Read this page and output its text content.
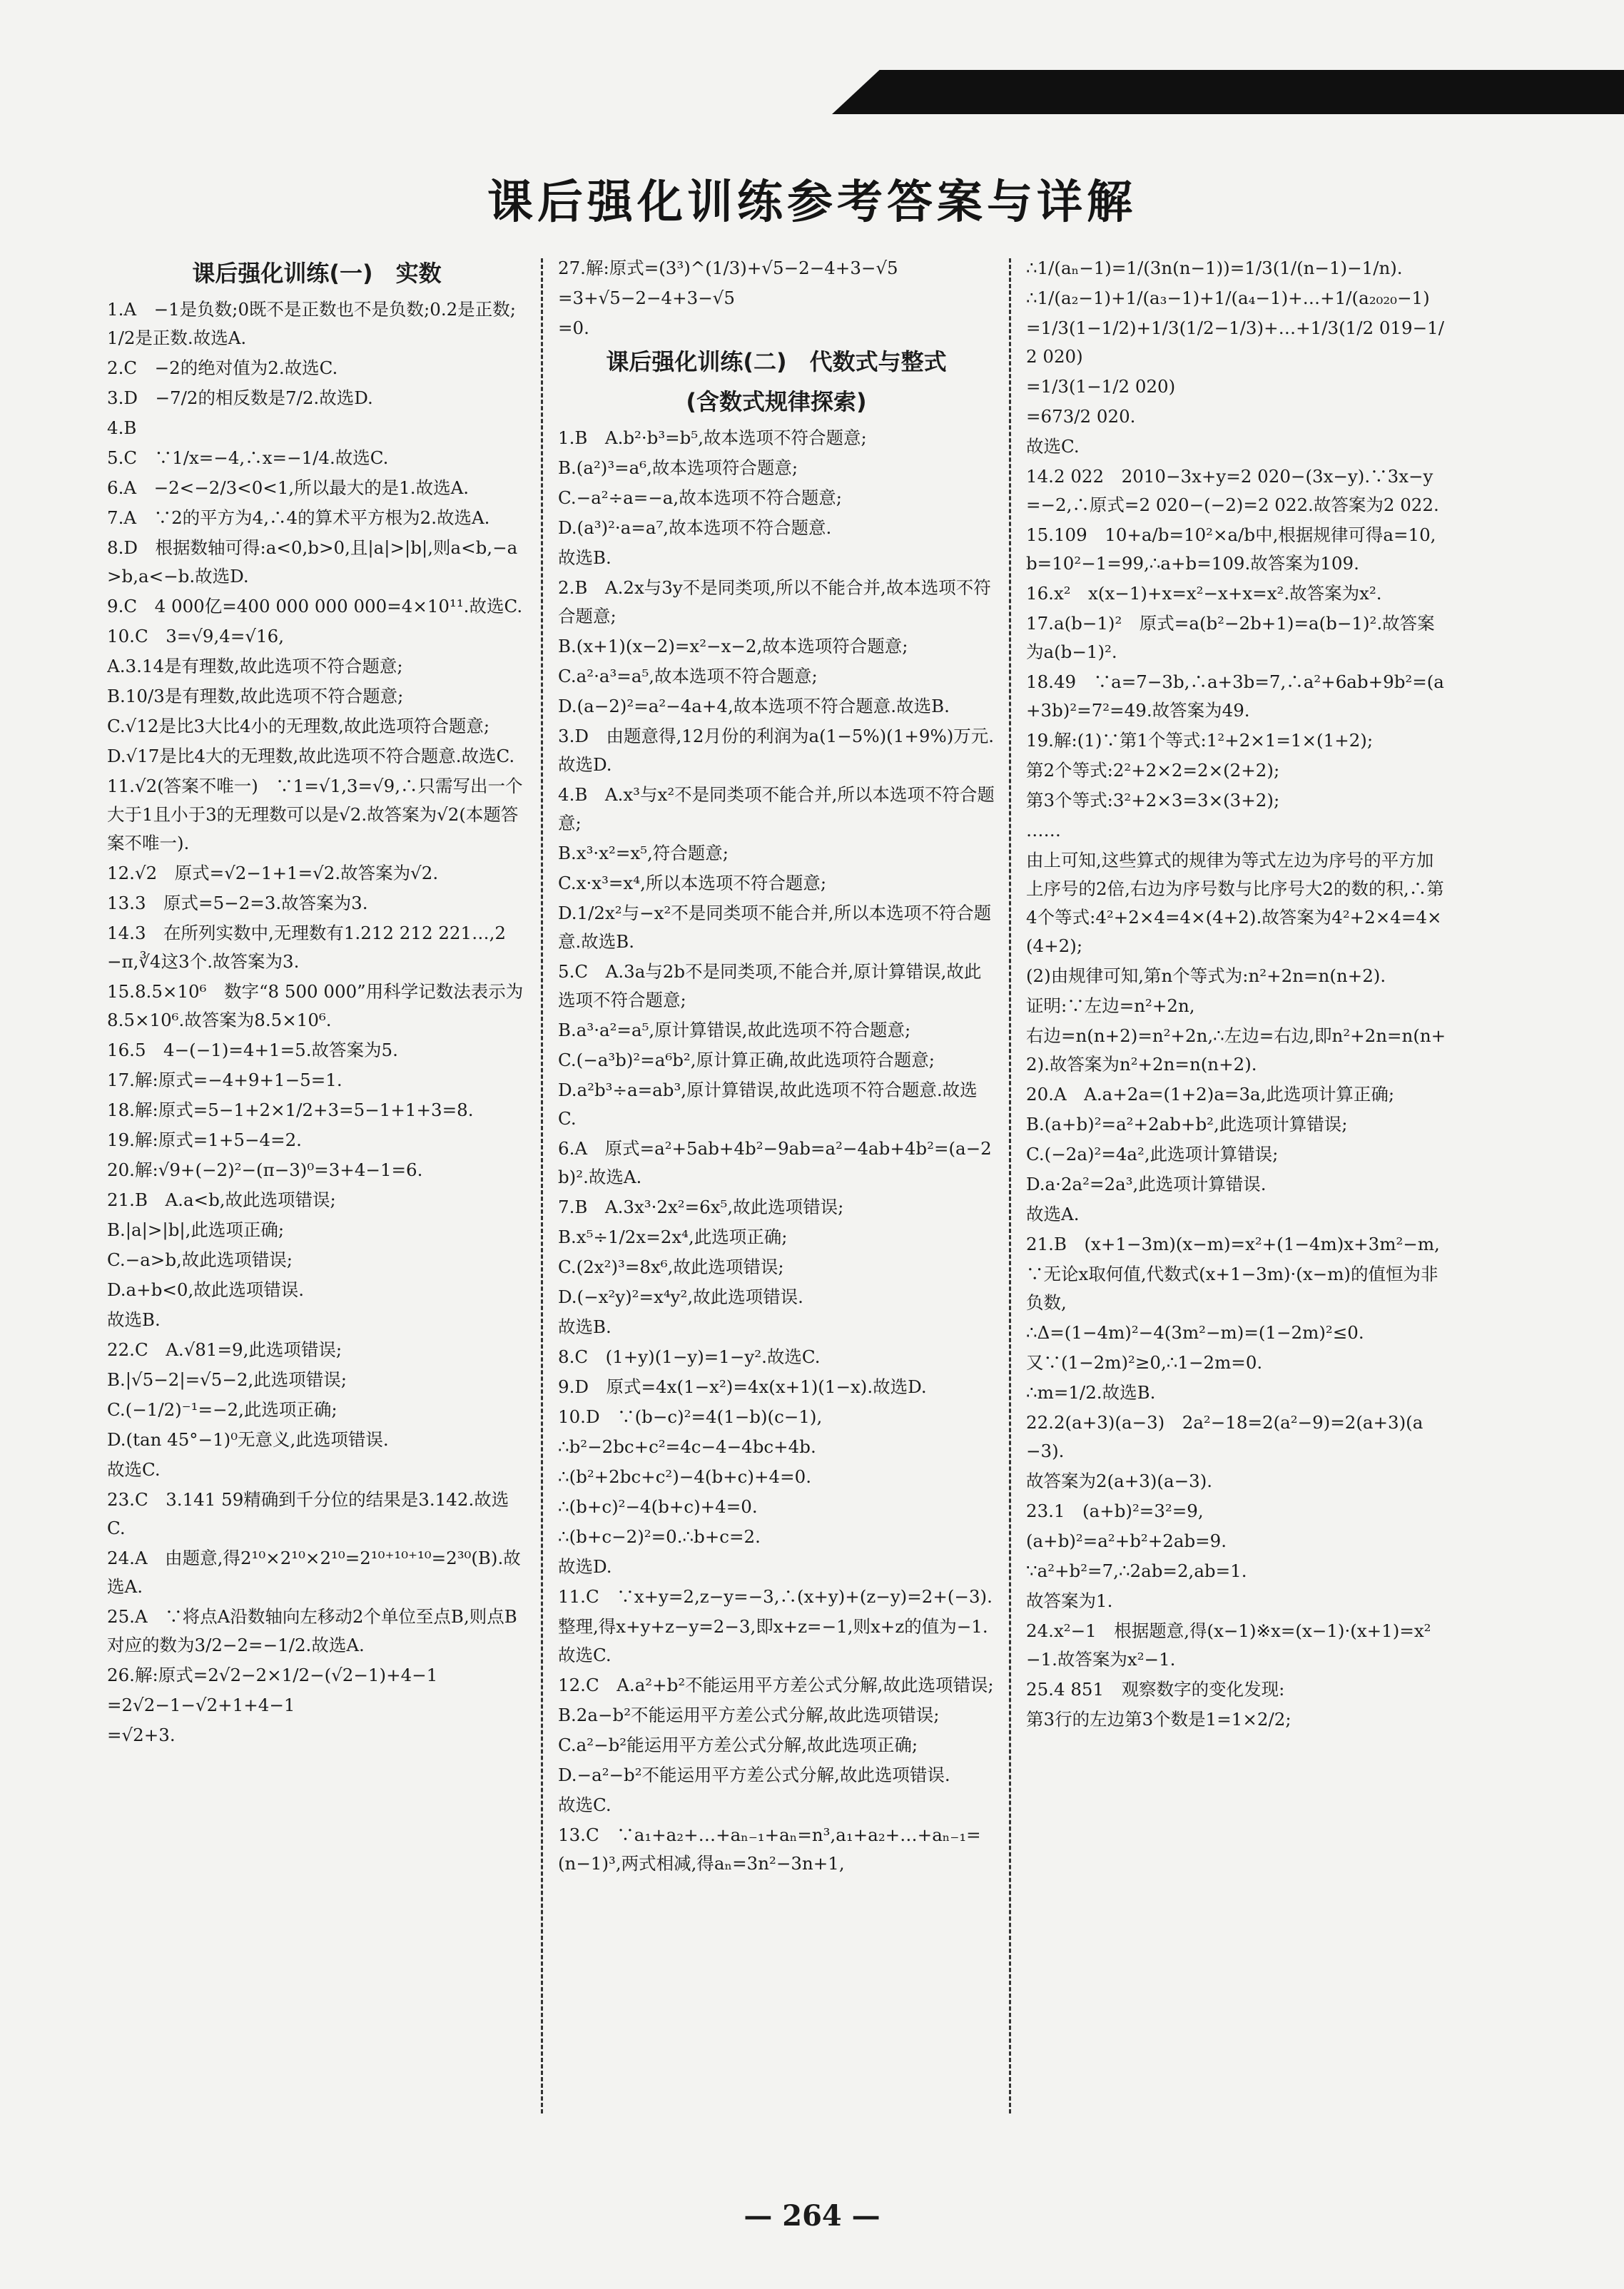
课后强化训练参考答案与详解
课后强化训练(一)　实数
1.A　−1是负数;0既不是正数也不是负数;0.2是正数;1/2是正数.故选A.
2.C　−2的绝对值为2.故选C.
3.D　−7/2的相反数是7/2.故选D.
4.B
5.C　∵1/x=−4,∴x=−1/4.故选C.
6.A　−2<−2/3<0<1,所以最大的是1.故选A.
7.A　∵2的平方为4,∴4的算术平方根为2.故选A.
8.D　根据数轴可得:a<0,b>0,且|a|>|b|,则a<b,−a>b,a<−b.故选D.
9.C　4 000亿=400 000 000 000=4×10¹¹.故选C.
10.C　3=√9,4=√16,
A.3.14是有理数,故此选项不符合题意;
B.10/3是有理数,故此选项不符合题意;
C.√12是比3大比4小的无理数,故此选项符合题意;
D.√17是比4大的无理数,故此选项不符合题意.故选C.
11.√2(答案不唯一)　∵1=√1,3=√9,∴只需写出一个大于1且小于3的无理数可以是√2.故答案为√2(本题答案不唯一).
12.√2　原式=√2−1+1=√2.故答案为√2.
13.3　原式=5−2=3.故答案为3.
14.3　在所列实数中,无理数有1.212 212 221…,2−π,∛4这3个.故答案为3.
15.8.5×10⁶　数字“8 500 000”用科学记数法表示为8.5×10⁶.故答案为8.5×10⁶.
16.5　4−(−1)=4+1=5.故答案为5.
17.解:原式=−4+9+1−5=1.
18.解:原式=5−1+2×1/2+3=5−1+1+3=8.
19.解:原式=1+5−4=2.
20.解:√9+(−2)²−(π−3)⁰=3+4−1=6.
21.B　A.a<b,故此选项错误;
B.|a|>|b|,此选项正确;
C.−a>b,故此选项错误;
D.a+b<0,故此选项错误.
故选B.
22.C　A.√81=9,此选项错误;
B.|√5−2|=√5−2,此选项错误;
C.(−1/2)⁻¹=−2,此选项正确;
D.(tan 45°−1)⁰无意义,此选项错误.
故选C.
23.C　3.141 59精确到千分位的结果是3.142.故选C.
24.A　由题意,得2¹⁰×2¹⁰×2¹⁰=2¹⁰⁺¹⁰⁺¹⁰=2³⁰(B).故选A.
25.A　∵将点A沿数轴向左移动2个单位至点B,则点B对应的数为3/2−2=−1/2.故选A.
26.解:原式=2√2−2×1/2−(√2−1)+4−1
=2√2−1−√2+1+4−1
=√2+3.
27.解:原式=(3³)^(1/3)+√5−2−4+3−√5
=3+√5−2−4+3−√5
=0.
课后强化训练(二)　代数式与整式
(含数式规律探索)
1.B　A.b²·b³=b⁵,故本选项不符合题意;
B.(a²)³=a⁶,故本选项符合题意;
C.−a²÷a=−a,故本选项不符合题意;
D.(a³)²·a=a⁷,故本选项不符合题意.
故选B.
2.B　A.2x与3y不是同类项,所以不能合并,故本选项不符合题意;
B.(x+1)(x−2)=x²−x−2,故本选项符合题意;
C.a²·a³=a⁵,故本选项不符合题意;
D.(a−2)²=a²−4a+4,故本选项不符合题意.故选B.
3.D　由题意得,12月份的利润为a(1−5%)(1+9%)万元.故选D.
4.B　A.x³与x²不是同类项不能合并,所以本选项不符合题意;
B.x³·x²=x⁵,符合题意;
C.x·x³=x⁴,所以本选项不符合题意;
D.1/2x²与−x²不是同类项不能合并,所以本选项不符合题意.故选B.
5.C　A.3a与2b不是同类项,不能合并,原计算错误,故此选项不符合题意;
B.a³·a²=a⁵,原计算错误,故此选项不符合题意;
C.(−a³b)²=a⁶b²,原计算正确,故此选项符合题意;
D.a²b³÷a=ab³,原计算错误,故此选项不符合题意.故选C.
6.A　原式=a²+5ab+4b²−9ab=a²−4ab+4b²=(a−2b)².故选A.
7.B　A.3x³·2x²=6x⁵,故此选项错误;
B.x⁵÷1/2x=2x⁴,此选项正确;
C.(2x²)³=8x⁶,故此选项错误;
D.(−x²y)²=x⁴y²,故此选项错误.
故选B.
8.C　(1+y)(1−y)=1−y².故选C.
9.D　原式=4x(1−x²)=4x(x+1)(1−x).故选D.
10.D　∵(b−c)²=4(1−b)(c−1),
∴b²−2bc+c²=4c−4−4bc+4b.
∴(b²+2bc+c²)−4(b+c)+4=0.
∴(b+c)²−4(b+c)+4=0.
∴(b+c−2)²=0.∴b+c=2.
故选D.
11.C　∵x+y=2,z−y=−3,∴(x+y)+(z−y)=2+(−3).
整理,得x+y+z−y=2−3,即x+z=−1,则x+z的值为−1.故选C.
12.C　A.a²+b²不能运用平方差公式分解,故此选项错误;
B.2a−b²不能运用平方差公式分解,故此选项错误;
C.a²−b²能运用平方差公式分解,故此选项正确;
D.−a²−b²不能运用平方差公式分解,故此选项错误.
故选C.
13.C　∵a₁+a₂+…+aₙ₋₁+aₙ=n³,a₁+a₂+…+aₙ₋₁=(n−1)³,两式相减,得aₙ=3n²−3n+1,
∴1/(aₙ−1)=1/(3n(n−1))=1/3(1/(n−1)−1/n).
∴1/(a₂−1)+1/(a₃−1)+1/(a₄−1)+…+1/(a₂₀₂₀−1)
=1/3(1−1/2)+1/3(1/2−1/3)+…+1/3(1/2 019−1/2 020)
=1/3(1−1/2 020)
=673/2 020.
故选C.
14.2 022　2010−3x+y=2 020−(3x−y).∵3x−y=−2,∴原式=2 020−(−2)=2 022.故答案为2 022.
15.109　10+a/b=10²×a/b中,根据规律可得a=10,b=10²−1=99,∴a+b=109.故答案为109.
16.x²　x(x−1)+x=x²−x+x=x².故答案为x².
17.a(b−1)²　原式=a(b²−2b+1)=a(b−1)².故答案为a(b−1)².
18.49　∵a=7−3b,∴a+3b=7,∴a²+6ab+9b²=(a+3b)²=7²=49.故答案为49.
19.解:(1)∵第1个等式:1²+2×1=1×(1+2);
第2个等式:2²+2×2=2×(2+2);
第3个等式:3²+2×3=3×(3+2);
……
由上可知,这些算式的规律为等式左边为序号的平方加上序号的2倍,右边为序号数与比序号大2的数的积,∴第4个等式:4²+2×4=4×(4+2).故答案为4²+2×4=4×(4+2);
(2)由规律可知,第n个等式为:n²+2n=n(n+2).
证明:∵左边=n²+2n,
右边=n(n+2)=n²+2n,∴左边=右边,即n²+2n=n(n+2).故答案为n²+2n=n(n+2).
20.A　A.a+2a=(1+2)a=3a,此选项计算正确;
B.(a+b)²=a²+2ab+b²,此选项计算错误;
C.(−2a)²=4a²,此选项计算错误;
D.a·2a²=2a³,此选项计算错误.
故选A.
21.B　(x+1−3m)(x−m)=x²+(1−4m)x+3m²−m,
∵无论x取何值,代数式(x+1−3m)·(x−m)的值恒为非负数,
∴Δ=(1−4m)²−4(3m²−m)=(1−2m)²≤0.
又∵(1−2m)²≥0,∴1−2m=0.
∴m=1/2.故选B.
22.2(a+3)(a−3)　2a²−18=2(a²−9)=2(a+3)(a−3).
故答案为2(a+3)(a−3).
23.1　(a+b)²=3²=9,
(a+b)²=a²+b²+2ab=9.
∵a²+b²=7,∴2ab=2,ab=1.
故答案为1.
24.x²−1　根据题意,得(x−1)※x=(x−1)·(x+1)=x²−1.故答案为x²−1.
25.4 851　观察数字的变化发现:
第3行的左边第3个数是1=1×2/2;
— 264 —
